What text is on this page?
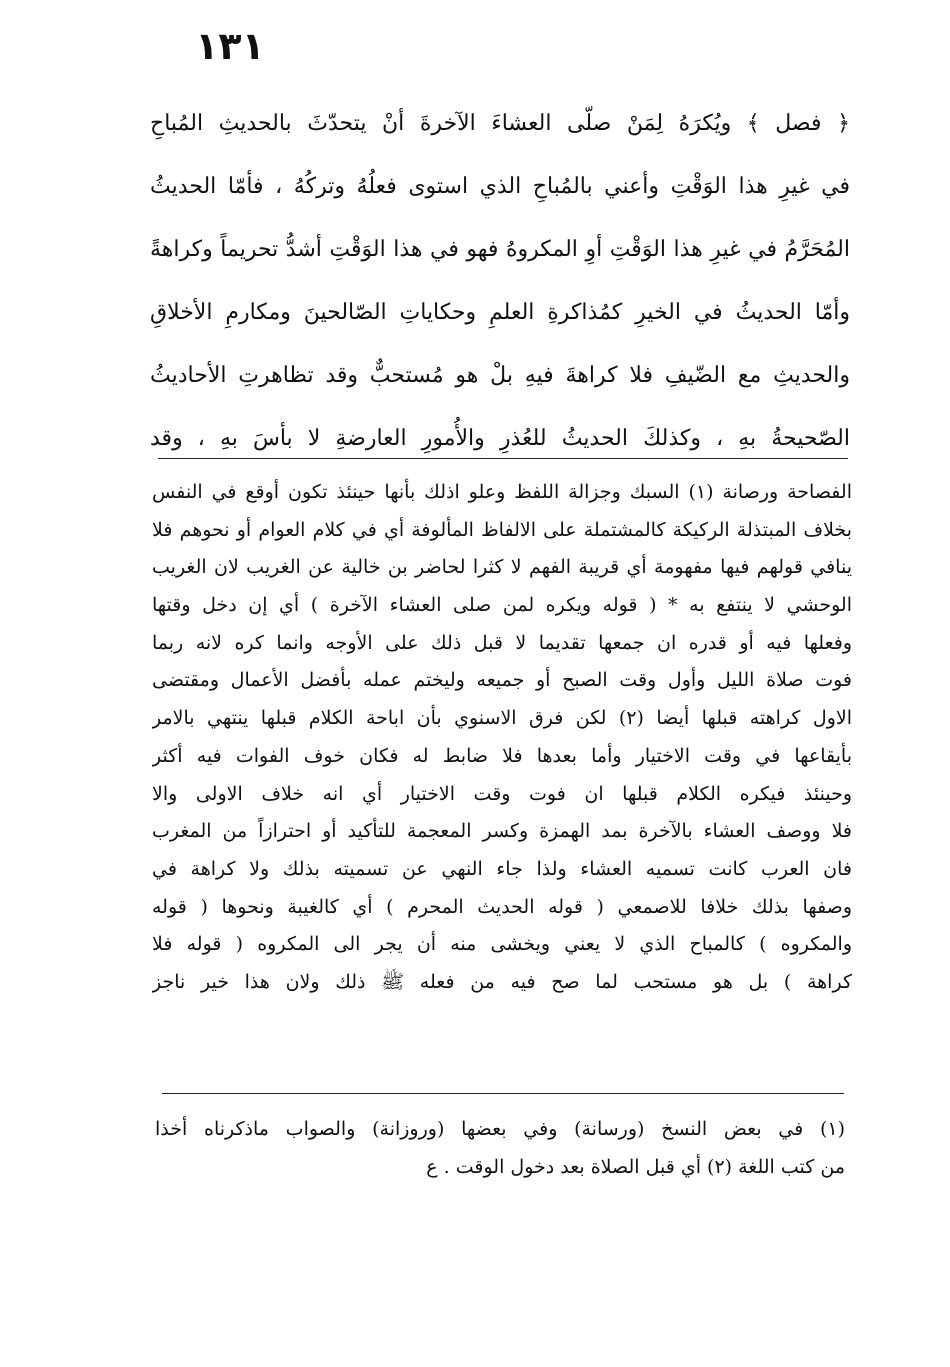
١٣١
﴿ فصل ﴾ ويُكرَهُ لِمَنْ صلّى العشاءَ الآخرةَ أنْ يتحدّثَ بالحديثِ المُباحِ
في غيرِ هذا الوَقْتِ وأعني بالمُباحِ الذي استوى فعلُهُ وتركُهُ ، فأمّا الحديثُ
المُحَرَّمُ في غيرِ هذا الوَقْتِ أوِ المكروهُ فهو في هذا الوَقْتِ أشدُّ تحريماً وكراهةً
وأمّا الحديثُ في الخيرِ كمُذاكرةِ العلمِ وحكاياتِ الصّالحينَ ومكارمِ الأخلاقِ
والحديثِ مع الضّيفِ فلا كراهةَ فيهِ بلْ هو مُستحبٌّ وقد تظاهرتِ الأحاديثُ
الصّحيحةُ بهِ ، وكذلكَ الحديثُ للعُذرِ والأُمورِ العارضةِ لا بأسَ بهِ ، وقد
الفصاحة ورصانة (١) السبك وجزالة اللفظ وعلو اذلك بأنها حينئذ تكون أوقع في النفس
بخلاف المبتذلة الركيكة كالمشتملة على الالفاظ المألوفة أي في كلام العوام أو نحوهم فلا
ينافي قولهم فيها مفهومة أي قريبة الفهم لا كثرا لحاضر بن خالية عن الغريب لان الغريب
الوحشي لا ينتفع به * ( قوله ويكره لمن صلى العشاء الآخرة ) أي إن دخل وقتها
وفعلها فيه أو قدره ان جمعها تقديما لا قبل ذلك على الأوجه وانما كره لانه ربما
فوت صلاة الليل وأول وقت الصبح أو جميعه وليختم عمله بأفضل الأعمال ومقتضى
الاول كراهته قبلها أيضا (٢) لكن فرق الاسنوي بأن اباحة الكلام قبلها ينتهي بالامر
بأيقاعها في وقت الاختيار وأما بعدها فلا ضابط له فكان خوف الفوات فيه أكثر
وحينئذ فيكره الكلام قبلها ان فوت وقت الاختيار أي انه خلاف الاولى والا
فلا ووصف العشاء بالآخرة بمد الهمزة وكسر المعجمة للتأكيد أو احترازاً من المغرب
فان العرب كانت تسميه العشاء ولذا جاء النهي عن تسميته بذلك ولا كراهة في
وصفها بذلك خلافا للاصمعي ( قوله الحديث المحرم ) أي كالغيبة ونحوها ( قوله
والمكروه ) كالمباح الذي لا يعني ويخشى منه أن يجر الى المكروه ( قوله فلا
كراهة ) بل هو مستحب لما صح فيه من فعله ﷺ ذلك ولان هذا خير ناجز
(١) في بعض النسخ (ورسانة) وفي بعضها (وروزانة) والصواب ماذكرناه أخذا
من كتب اللغة (٢) أي قبل الصلاة بعد دخول الوقت . ع
